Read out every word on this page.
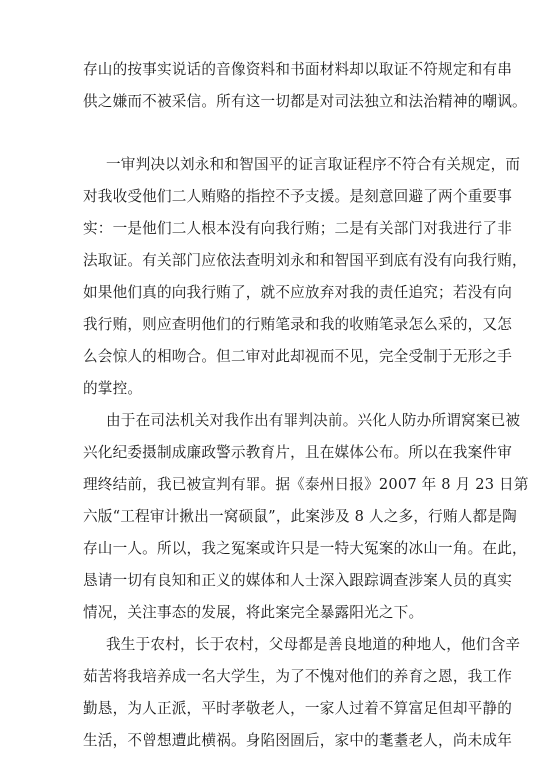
存山的按事实说话的音像资料和书面材料却以取证不符规定和有串
供之嫌而不被采信。所有这一切都是对司法独立和法治精神的嘲讽。
一审判决以刘永和和智国平的证言取证程序不符合有关规定，而
对我收受他们二人贿赂的指控不予支援。是刻意回避了两个重要事
实：一是他们二人根本没有向我行贿；二是有关部门对我进行了非
法取证。有关部门应依法查明刘永和和智国平到底有没有向我行贿，
如果他们真的向我行贿了，就不应放弃对我的责任追究；若没有向
我行贿，则应查明他们的行贿笔录和我的收贿笔录怎么采的，又怎
么会惊人的相吻合。但二审对此却视而不见，完全受制于无形之手
的掌控。
由于在司法机关对我作出有罪判决前。兴化人防办所谓窝案已被
兴化纪委摄制成廉政警示教育片，且在媒体公布。所以在我案件审
理终结前，我已被宣判有罪。据《泰州日报》2007 年 8 月 23 日第
六版“工程审计揪出一窝硕鼠”，此案涉及 8 人之多，行贿人都是陶
存山一人。所以，我之冤案或许只是一特大冤案的冰山一角。在此，
恳请一切有良知和正义的媒体和人士深入跟踪调查涉案人员的真实
情况，关注事态的发展，将此案完全暴露阳光之下。
我生于农村，长于农村，父母都是善良地道的种地人，他们含辛
茹苦将我培养成一名大学生，为了不愧对他们的养育之恩，我工作
勤恳，为人正派，平时孝敬老人，一家人过着不算富足但却平静的
生活，不曾想遭此横祸。身陷囹圄后，家中的耄耋老人，尚未成年
